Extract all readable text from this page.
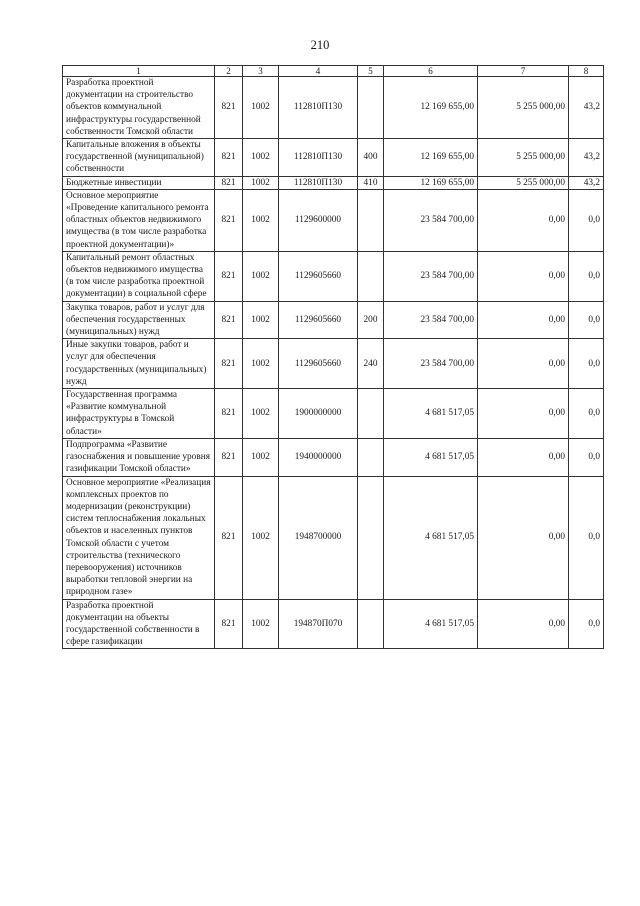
210
1	2	3	4	5	6	7	8
Разработка проектной документации на строительство объектов коммунальной инфраструктуры государственной собственности Томской области	821	1002	112810П130		12 169 655,00	5 255 000,00	43,2
Капитальные вложения в объекты государственной (муниципальной) собственности	821	1002	112810П130	400	12 169 655,00	5 255 000,00	43,2
Бюджетные инвестиции	821	1002	112810П130	410	12 169 655,00	5 255 000,00	43,2
Основное мероприятие «Проведение капитального ремонта областных объектов недвижимого имущества (в том числе разработка проектной документации)»	821	1002	1129600000		23 584 700,00	0,00	0,0
Капитальный ремонт областных объектов недвижимого имущества (в том числе разработка проектной документации) в социальной сфере	821	1002	1129605660		23 584 700,00	0,00	0,0
Закупка товаров, работ и услуг для обеспечения государственных (муниципальных) нужд	821	1002	1129605660	200	23 584 700,00	0,00	0,0
Иные закупки товаров, работ и услуг для обеспечения государственных (муниципальных) нужд	821	1002	1129605660	240	23 584 700,00	0,00	0,0
Государственная программа «Развитие коммунальной инфраструктуры в Томской области»	821	1002	1900000000		4 681 517,05	0,00	0,0
Подпрограмма «Развитие газоснабжения и повышение уровня газификации Томской области»	821	1002	1940000000		4 681 517,05	0,00	0,0
Основное мероприятие «Реализация комплексных проектов по модернизации (реконструкции) систем теплоснабжения локальных объектов и населенных пунктов Томской области с учетом строительства (технического перевооружения) источников выработки тепловой энергии на природном газе»	821	1002	1948700000		4 681 517,05	0,00	0,0
Разработка проектной документации на объекты государственной собственности в сфере газификации	821	1002	194870П070		4 681 517,05	0,00	0,0
